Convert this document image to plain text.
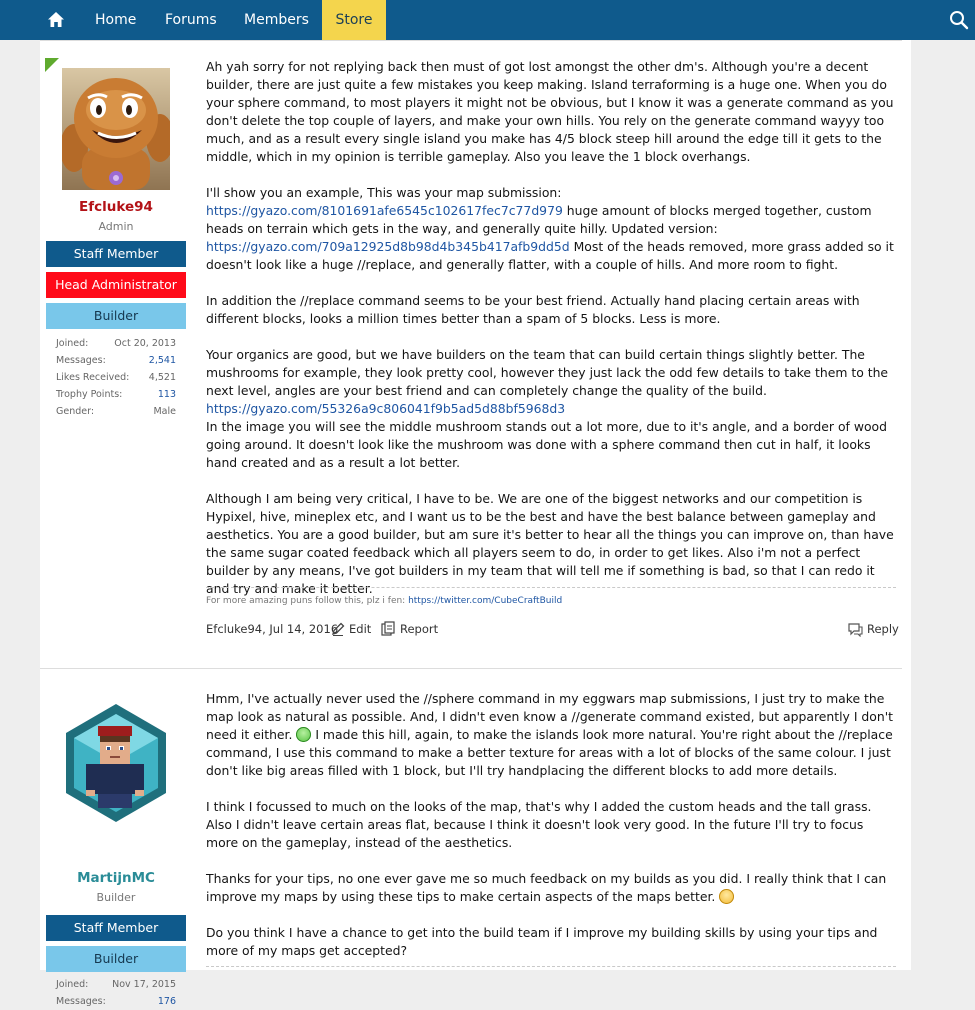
Home Forums Members	Store
Efcluke94
Admin
Staff Member
Head Administrator
Builder
Joined:	Oct 20, 2013
Messages:	2,541
Likes Received: 4,521
Trophy Points:	113
Gender:	Male

Ah yah sorry for not replying back then must of got lost amongst the other dm's. Although you're a decent builder, there are just quite a few mistakes you keep making. Island terraforming is a huge one. When you do your sphere command, to most players it might not be obvious, but I know it was a generate command as you don't delete the top couple of layers, and make your own hills. You rely on the generate command wayyy too much, and as a result every single island you make has 4/5 block steep hill around the edge till it gets to the middle, which in my opinion is terrible gameplay. Also you leave the 1 block overhangs.

I'll show you an example, This was your map submission: https://gyazo.com/8101691afe6545c102617fec7c77d979 huge amount of blocks merged together, custom heads on terrain which gets in the way, and generally quite hilly. Updated version: https://gyazo.com/709a12925d8b98d4b345b417afb9dd5d Most of the heads removed, more grass added so it doesn't look like a huge //replace, and generally flatter, with a couple of hills. And more room to fight.

In addition the //replace command seems to be your best friend. Actually hand placing certain areas with different blocks, looks a million times better than a spam of 5 blocks. Less is more.

Your organics are good, but we have builders on the team that can build certain things slightly better. The mushrooms for example, they look pretty cool, however they just lack the odd few details to take them to the next level, angles are your best friend and can completely change the quality of the build.
https://gyazo.com/55326a9c806041f9b5ad5d88bf5968d3
In the image you will see the middle mushroom stands out a lot more, due to it's angle, and a border of wood going around. It doesn't look like the mushroom was done with a sphere command then cut in half, it looks hand created and as a result a lot better.

Although I am being very critical, I have to be. We are one of the biggest networks and our competition is Hypixel, hive, mineplex etc, and I want us to be the best and have the best balance between gameplay and aesthetics. You are a good builder, but am sure it's better to hear all the things you can improve on, than have the same sugar coated feedback which all players seem to do, in order to get likes. Also i'm not a perfect builder by any means, I've got builders in my team that will tell me if something is bad, so that I can redo it and try and make it better.

For more amazing puns follow this, plz i fen: https://twitter.com/CubeCraftBuild
Efcluke94, Jul 14, 2016 Edit Report	Reply
MartijnMC
Builder
Staff Member
Builder
Joined:	Nov 17, 2015
Messages:	176

Hmm, I've actually never used the //sphere command in my eggwars map submissions, I just try to make the map look as natural as possible. And, I didn't even know a //generate command existed, but apparently I don't need it either.  I made this hill, again, to make the islands look more natural. You're right about the //replace command, I use this command to make a better texture for areas with a lot of blocks of the same colour. I just don't like big areas filled with 1 block, but I'll try handplacing the different blocks to add more details.

I think I focussed to much on the looks of the map, that's why I added the custom heads and the tall grass. Also I didn't leave certain areas flat, because I think it doesn't look very good. In the future I'll try to focus more on the gameplay, instead of the aesthetics.

Thanks for your tips, no one ever gave me so much feedback on my builds as you did. I really think that I can improve my maps by using these tips to make certain aspects of the maps better.

Do you think I have a chance to get into the build team if I improve my building skills by using your tips and more of my maps get accepted?
